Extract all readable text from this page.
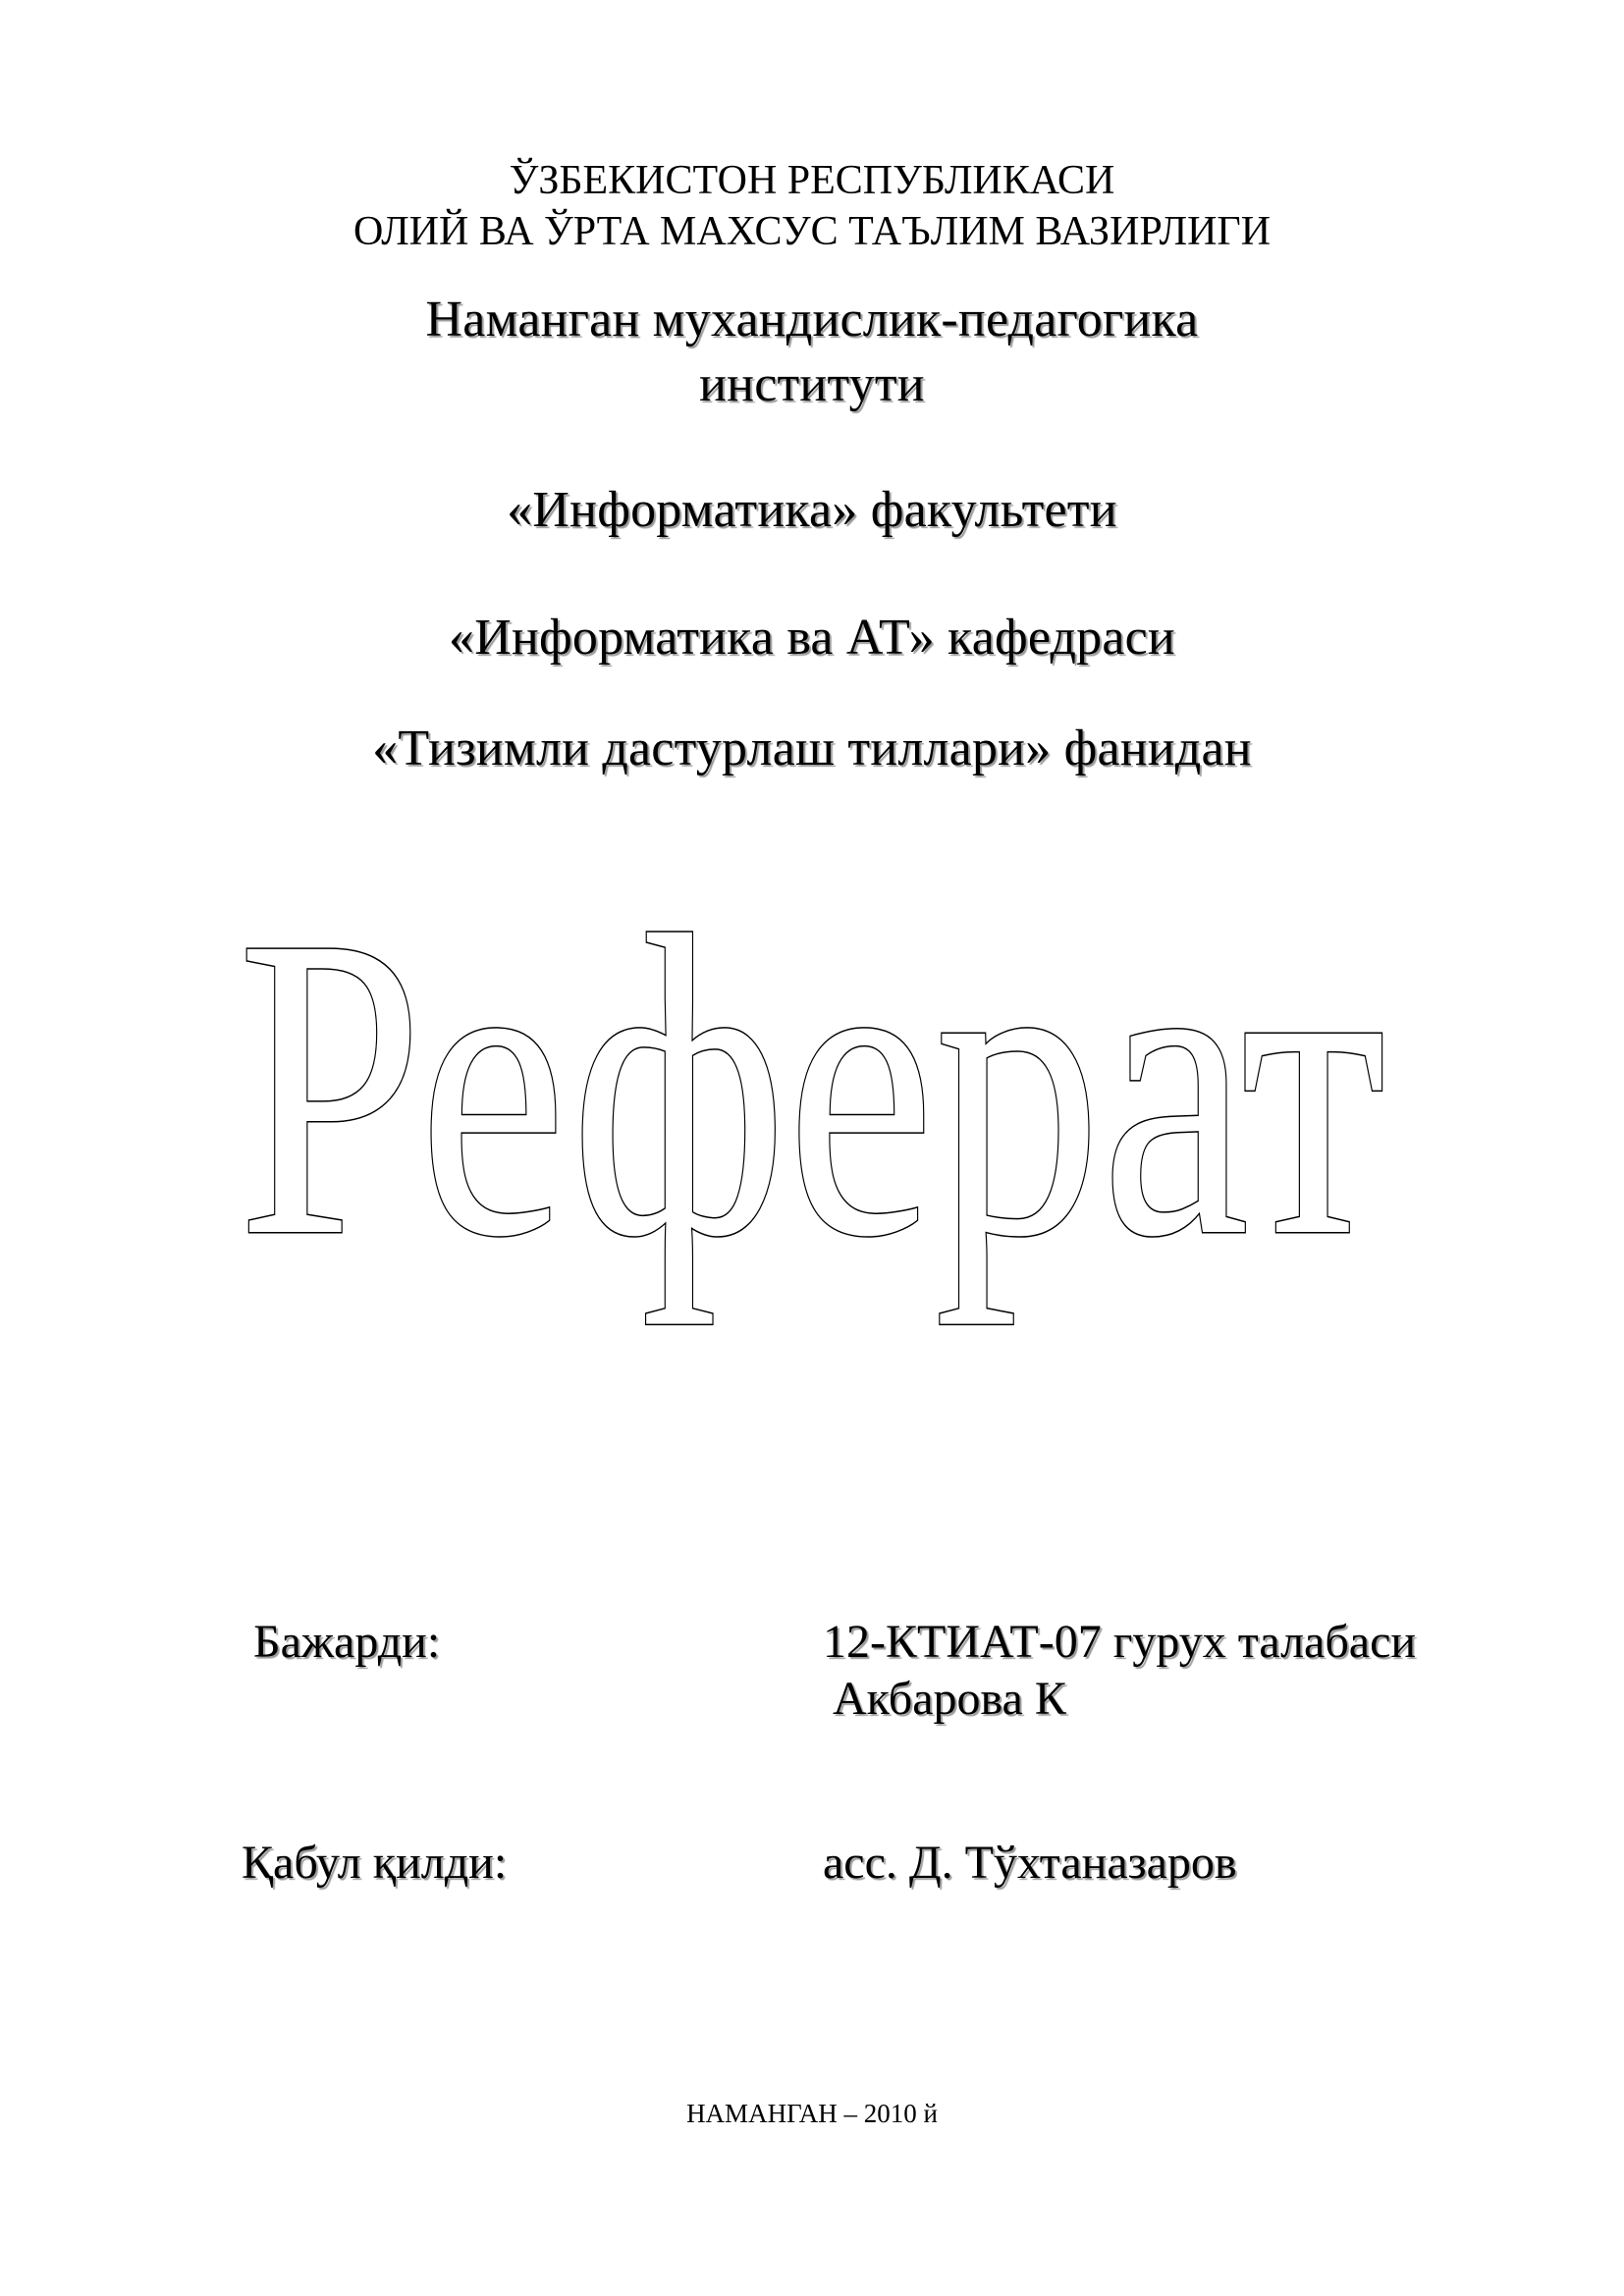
ЎЗБЕКИСТОН РЕСПУБЛИКАСИ
ОЛИЙ ВА ЎРТА МАХСУС ТАЪЛИМ ВАЗИРЛИГИ
Наманган мухандислик-педагогика
институти
«Информатика» факультети
«Информатика ва АТ» кафедраси
«Тизимли дастурлаш тиллари» фанидан
Реферат
Бажарди:	12-КТИАТ-07 гурух талабаси
Акбарова К
Қабул қилди:	асс. Д. Тўхтаназаров
НАМАНГАН – 2010 й
